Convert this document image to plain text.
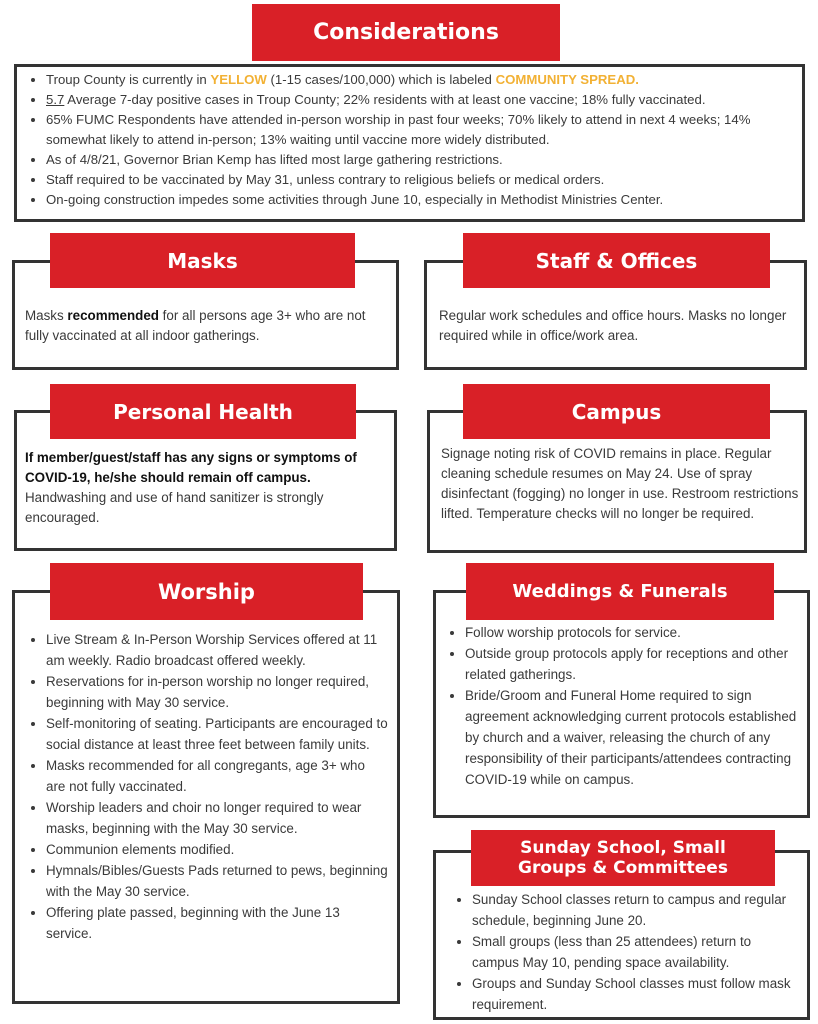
Considerations
• Troup County is currently in YELLOW (1-15 cases/100,000) which is labeled COMMUNITY SPREAD.
• 5.7 Average 7-day positive cases in Troup County; 22% residents with at least one vaccine; 18% fully vaccinated.
• 65% FUMC Respondents have attended in-person worship in past four weeks; 70% likely to attend in next 4 weeks; 14% somewhat likely to attend in-person; 13% waiting until vaccine more widely distributed.
• As of 4/8/21, Governor Brian Kemp has lifted most large gathering restrictions.
• Staff required to be vaccinated by May 31, unless contrary to religious beliefs or medical orders.
• On-going construction impedes some activities through June 10, especially in Methodist Ministries Center.
Masks
Masks recommended for all persons age 3+ who are not fully vaccinated at all indoor gatherings.
Staff & Offices
Regular work schedules and office hours. Masks no longer required while in office/work area.
Personal Health
If member/guest/staff has any signs or symptoms of COVID-19, he/she should remain off campus. Handwashing and use of hand sanitizer is strongly encouraged.
Campus
Signage noting risk of COVID remains in place. Regular cleaning schedule resumes on May 24. Use of spray disinfectant (fogging) no longer in use. Restroom restrictions lifted. Temperature checks will no longer be required.
Worship
• Live Stream & In-Person Worship Services offered at 11 am weekly. Radio broadcast offered weekly.
• Reservations for in-person worship no longer required, beginning with May 30 service.
• Self-monitoring of seating. Participants are encouraged to social distance at least three feet between family units.
• Masks recommended for all congregants, age 3+ who are not fully vaccinated.
• Worship leaders and choir no longer required to wear masks, beginning with the May 30 service.
• Communion elements modified.
• Hymnals/Bibles/Guests Pads returned to pews, beginning with the May 30 service.
• Offering plate passed, beginning with the June 13 service.
Weddings & Funerals
• Follow worship protocols for service.
• Outside group protocols apply for receptions and other related gatherings.
• Bride/Groom and Funeral Home required to sign agreement acknowledging current protocols established by church and a waiver, releasing the church of any responsibility of their participants/attendees contracting COVID-19 while on campus.
Sunday School, Small
Groups & Committees
• Sunday School classes return to campus and regular schedule, beginning June 20.
• Small groups (less than 25 attendees) return to campus May 10, pending space availability.
• Groups and Sunday School classes must follow mask requirement.
